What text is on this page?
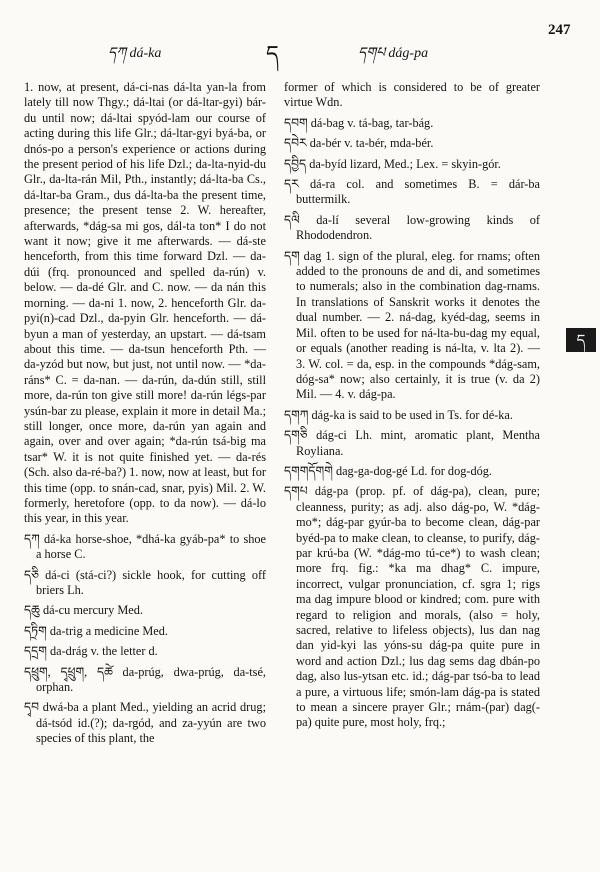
དཀ dá-ka	ད	དགཔ dág-pa
247

1. now, at present, dá-ci-nas dá-lta yan-la from lately till now Thgy.; dá-ltai (or dá-ltar-gyi) bár-du until now; dá-ltai spyód-lam our course of acting during this life Glr.; dá-ltar-gyi byá-ba, or dnós-po a person's experience or actions during the present period of his life Dzl.; da-lta-nyid-du Glr., da-lta-rán Mil, Pth., instantly; dá-lta-ba Cs., dá-ltar-ba Gram., dus dá-lta-ba the present time, presence; the present tense 2. W. hereafter, afterwards, *dág-sa mi gos, dál-ta ton* I do not want it now; give it me afterwards. — dá-ste henceforth, from this time forward Dzl. — da-dúi (frq. pronounced and spelled da-rún) v. below. — da-dé Glr. and C. now. — da nán this morning. — da-ni 1. now, 2. henceforth Glr. da-pyi(n)-cad Dzl., da-pyin Glr. henceforth. — dá-byun a man of yesterday, an upstart. — dá-tsam about this time. — da-tsun henceforth Pth. — da-yzód but now, but just, not until now. — *da-ráns* C. = da-nan. — da-rún, da-dún still, still more, da-rún ton give still more! da-rún légs-par ysún-bar zu please, explain it more in detail Ma.; still longer, once more, da-rún yan again and again, over and over again; *da-rún tsá-big ma tsar* W. it is not quite finished yet. — da-rés (Sch. also da-ré-ba?) 1. now, now at least, but for this time (opp. to snán-cad, snar, pyis) Mil. 2. W. formerly, heretofore (opp. to da now). — dá-lo this year, in this year.

དཀ dá-ka horse-shoe, *dhá-ka gyáb-pa* to shoe a horse C.

དཅི dá-ci (stá-ci?) sickle hook, for cutting off briers Lh.

དཆུ dá-cu mercury Med.

དཏྲིག da-trig a medicine Med.

དདྲག da-drág v. the letter d.

དཕྲུག, དྭཕྲུག, དཚེ da-prúg, dwa-prúg, da-tsé, orphan.

དྭབ dwá-ba a plant Med., yielding an acrid drug; dá-tsód id.(?); da-rgód, and za-yyún are two species of this plant, the

former of which is considered to be of greater virtue Wdn.

དབག dá-bag v. tá-bag, tar-bág.

དབེར da-bér v. ta-bér, mda-bér.

དབྱིད da-byíd lizard, Med.; Lex. = skyin-gór.

དར dá-ra col. and sometimes B. = dár-ba buttermilk.

དལི da-lí several low-growing kinds of Rhododendron.

དག dag 1. sign of the plural, eleg. for rnams; often added to the pronouns de and di, and sometimes to numerals; also in the combination dag-rnams. In translations of Sanskrit works it denotes the dual number. — 2. ná-dag, kyéd-dag, seems in Mil. often to be used for ná-lta-bu-dag my equal, or equals (another reading is ná-lta, v. lta 2). — 3. W. col. = da, esp. in the compounds *dág-sam, dóg-sa* now; also certainly, it is true (v. da 2) Mil. — 4. v. dág-pa.

དགཀ dág-ka is said to be used in Ts. for dé-ka.

དགཅི dág-ci Lh. mint, aromatic plant, Mentha Royliana.

དགགདོགགེ dag-ga-dog-gé Ld. for dog-dóg.

དགཔ dág-pa (prop. pf. of dág-pa), clean, pure; cleanness, purity; as adj. also dág-po, W. *dág-mo*; dág-par gyúr-ba to become clean, dág-par byéd-pa to make clean, to cleanse, to purify, dág-par krú-ba (W. *dág-mo tú-ce*) to wash clean; more frq. fig.: *ka ma dhag* C. impure, incorrect, vulgar pronunciation, cf. sgra 1; rigs ma dag impure blood or kindred; com. pure with regard to religion and morals, (also = holy, sacred, relative to lifeless objects), lus dan nag dan yid-kyi las yóns-su dág-pa quite pure in word and action Dzl.; lus dag sems dag dbán-po dag, also lus-ytsan etc. id.; dág-par tsó-ba to lead a pure, a virtuous life; smón-lam dág-pa is stated to mean a sincere prayer Glr.; rnám-(par) dag(-pa) quite pure, most holy, frq.;

ད
